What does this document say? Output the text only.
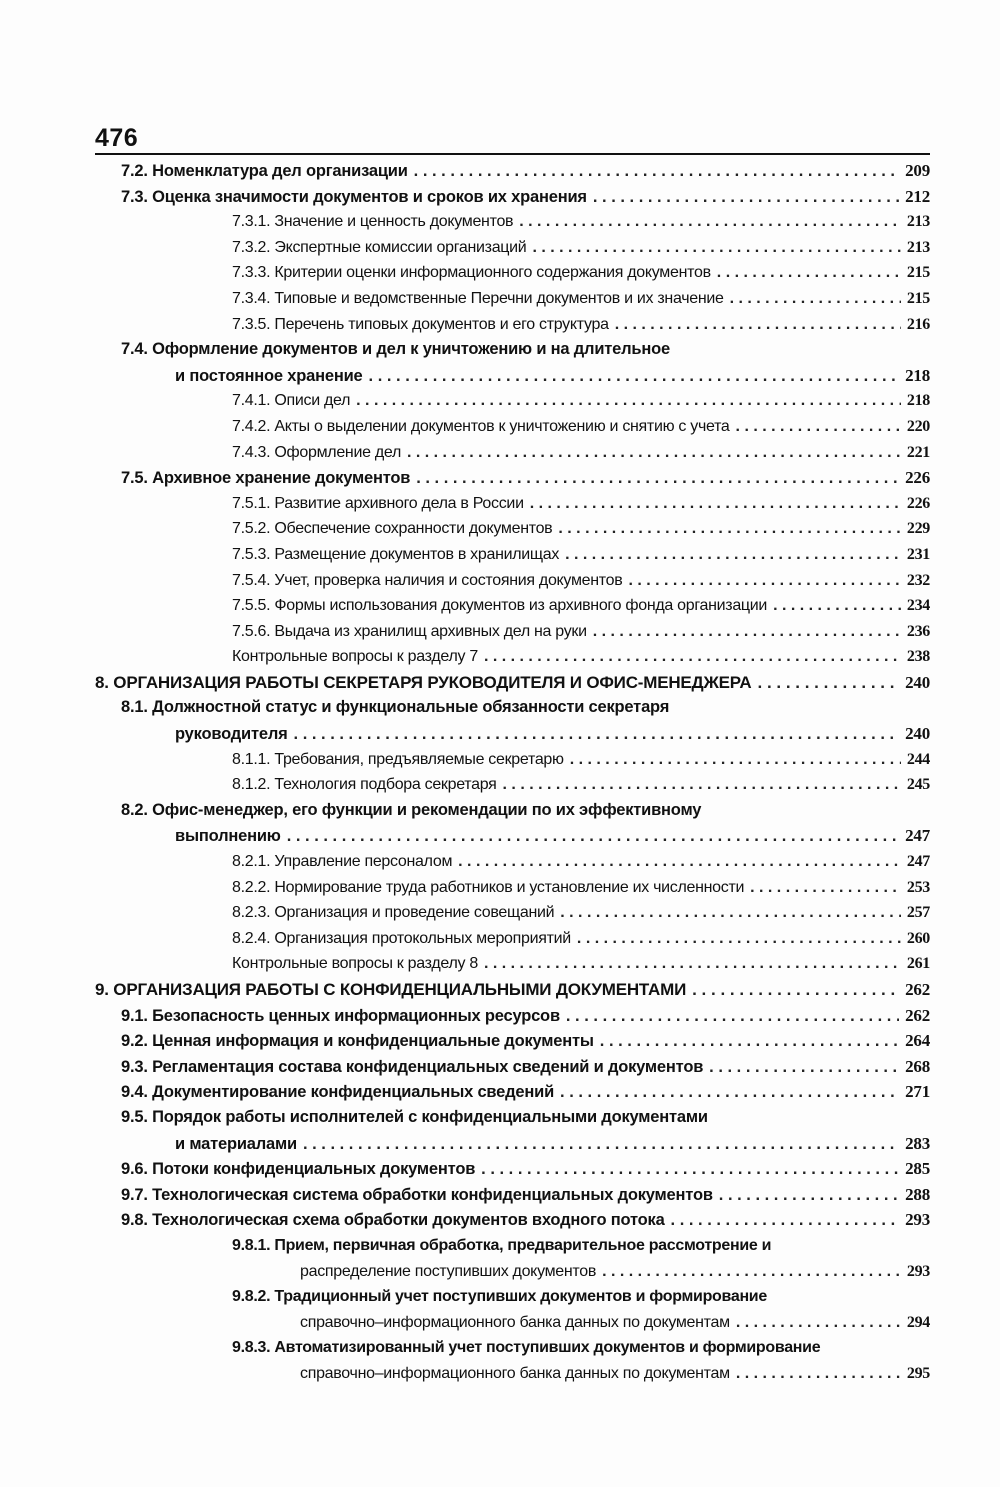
476
7.2. Номенклатура дел организации . . .	209
7.3. Оценка значимости документов и сроков их хранения . . .	212
7.3.1. Значение и ценность документов . . .	213
7.3.2. Экспертные комиссии организаций . . .	213
7.3.3. Критерии оценки информационного содержания документов . . .	215
7.3.4. Типовые и ведомственные Перечни документов и их значение . . .	215
7.3.5. Перечень типовых документов и его структура . . .	216
7.4. Оформление документов и дел к уничтожению и на длительное
и постоянное хранение . . .	218
7.4.1. Описи дел . . .	218
7.4.2. Акты о выделении документов к уничтожению и снятию с учета . . .	220
7.4.3. Оформление дел . . .	221
7.5. Архивное хранение документов . . .	226
7.5.1. Развитие архивного дела в России . . .	226
7.5.2. Обеспечение сохранности документов . . .	229
7.5.3. Размещение документов в хранилищах . . .	231
7.5.4. Учет, проверка наличия и состояния документов . . .	232
7.5.5. Формы использования документов из архивного фонда организации . . .	234
7.5.6. Выдача из хранилищ архивных дел на руки . . .	236
Контрольные вопросы к разделу 7 . . .	238
8. ОРГАНИЗАЦИЯ РАБОТЫ СЕКРЕТАРЯ РУКОВОДИТЕЛЯ И ОФИС-МЕНЕДЖЕРА . . .	240
8.1. Должностной статус и функциональные обязанности секретаря
руководителя . . .	240
8.1.1. Требования, предъявляемые секретарю . . .	244
8.1.2. Технология подбора секретаря . . .	245
8.2. Офис-менеджер, его функции и рекомендации по их эффективному
выполнению . . .	247
8.2.1. Управление персоналом . . .	247
8.2.2. Нормирование труда работников и установление их численности . . .	253
8.2.3. Организация и проведение совещаний . . .	257
8.2.4. Организация протокольных мероприятий . . .	260
Контрольные вопросы к разделу 8 . . .	261
9. ОРГАНИЗАЦИЯ РАБОТЫ С КОНФИДЕНЦИАЛЬНЫМИ ДОКУМЕНТАМИ . . .	262
9.1. Безопасность ценных информационных ресурсов . . .	262
9.2. Ценная информация и конфиденциальные документы . . .	264
9.3. Регламентация состава конфиденциальных сведений и документов . . .	268
9.4. Документирование конфиденциальных сведений . . .	271
9.5. Порядок работы исполнителей с конфиденциальными документами
и материалами . . .	283
9.6. Потоки конфиденциальных документов . . .	285
9.7. Технологическая система обработки конфиденциальных документов . . .	288
9.8. Технологическая схема обработки документов входного потока . . .	293
9.8.1. Прием, первичная обработка, предварительное рассмотрение и
распределение поступивших документов . . .	293
9.8.2. Традиционный учет поступивших документов и формирование
справочно–информационного банка данных по документам . . .	294
9.8.3. Автоматизированный учет поступивших документов и формирование
справочно–информационного банка данных по документам . . .	295
